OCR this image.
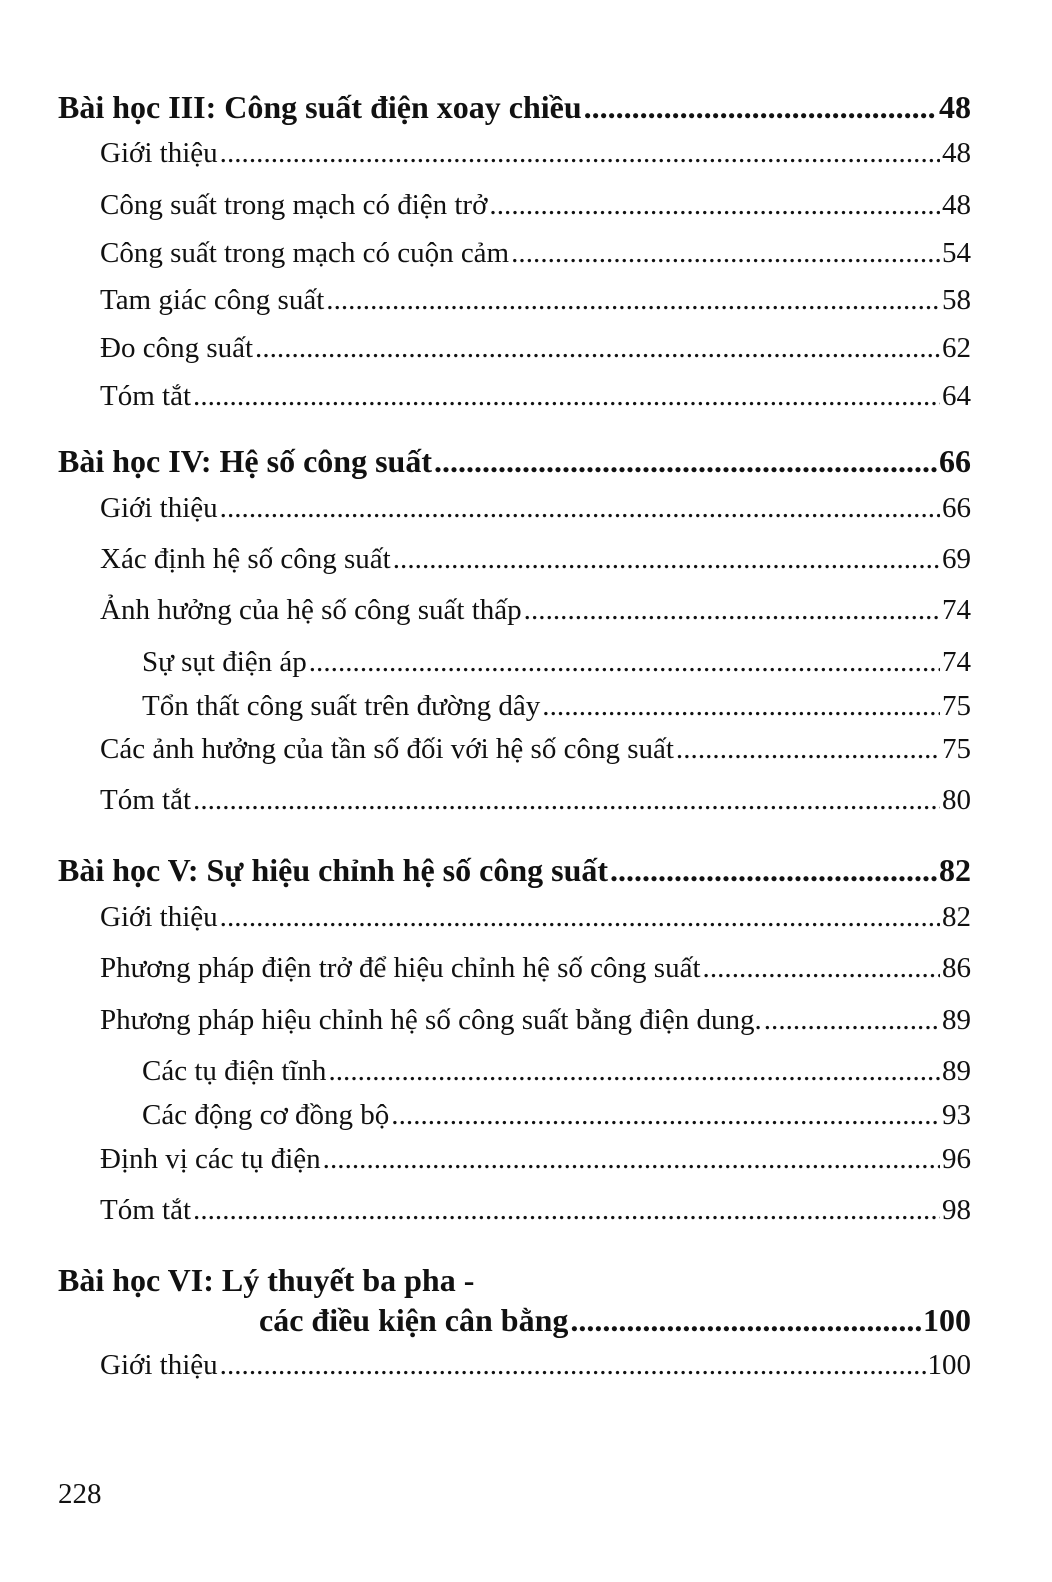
Bài học III: Công suất điện xoay chiều . . .	48
Giới thiệu . . .	48
Công suất trong mạch có điện trở . . .	48
Công suất trong mạch có cuộn cảm . . .	54
Tam giác công suất . . .	58
Đo công suất . . .	62
Tóm tắt . . .	64
Bài học IV: Hệ số công suất . . .	66
Giới thiệu . . .	66
Xác định hệ số công suất . . .	69
Ảnh hưởng của hệ số công suất thấp . . .	74
Sự sụt điện áp . . .	74
Tổn thất công suất trên đường dây . . .	75
Các ảnh hưởng của tần số đối với hệ số công suất . . .	75
Tóm tắt . . .	80
Bài học V: Sự hiệu chỉnh hệ số công suất . . .	82
Giới thiệu . . .	82
Phương pháp điện trở để hiệu chỉnh hệ số công suất . . .	86
Phương pháp hiệu chỉnh hệ số công suất bằng điện dung. . . .	89
Các tụ điện tĩnh . . .	89
Các động cơ đồng bộ . . .	93
Định vị các tụ điện . . .	96
Tóm tắt . . .	98
Bài học VI: Lý thuyết ba pha -
các điều kiện cân bằng . . .	100
Giới thiệu . . .	100
228
